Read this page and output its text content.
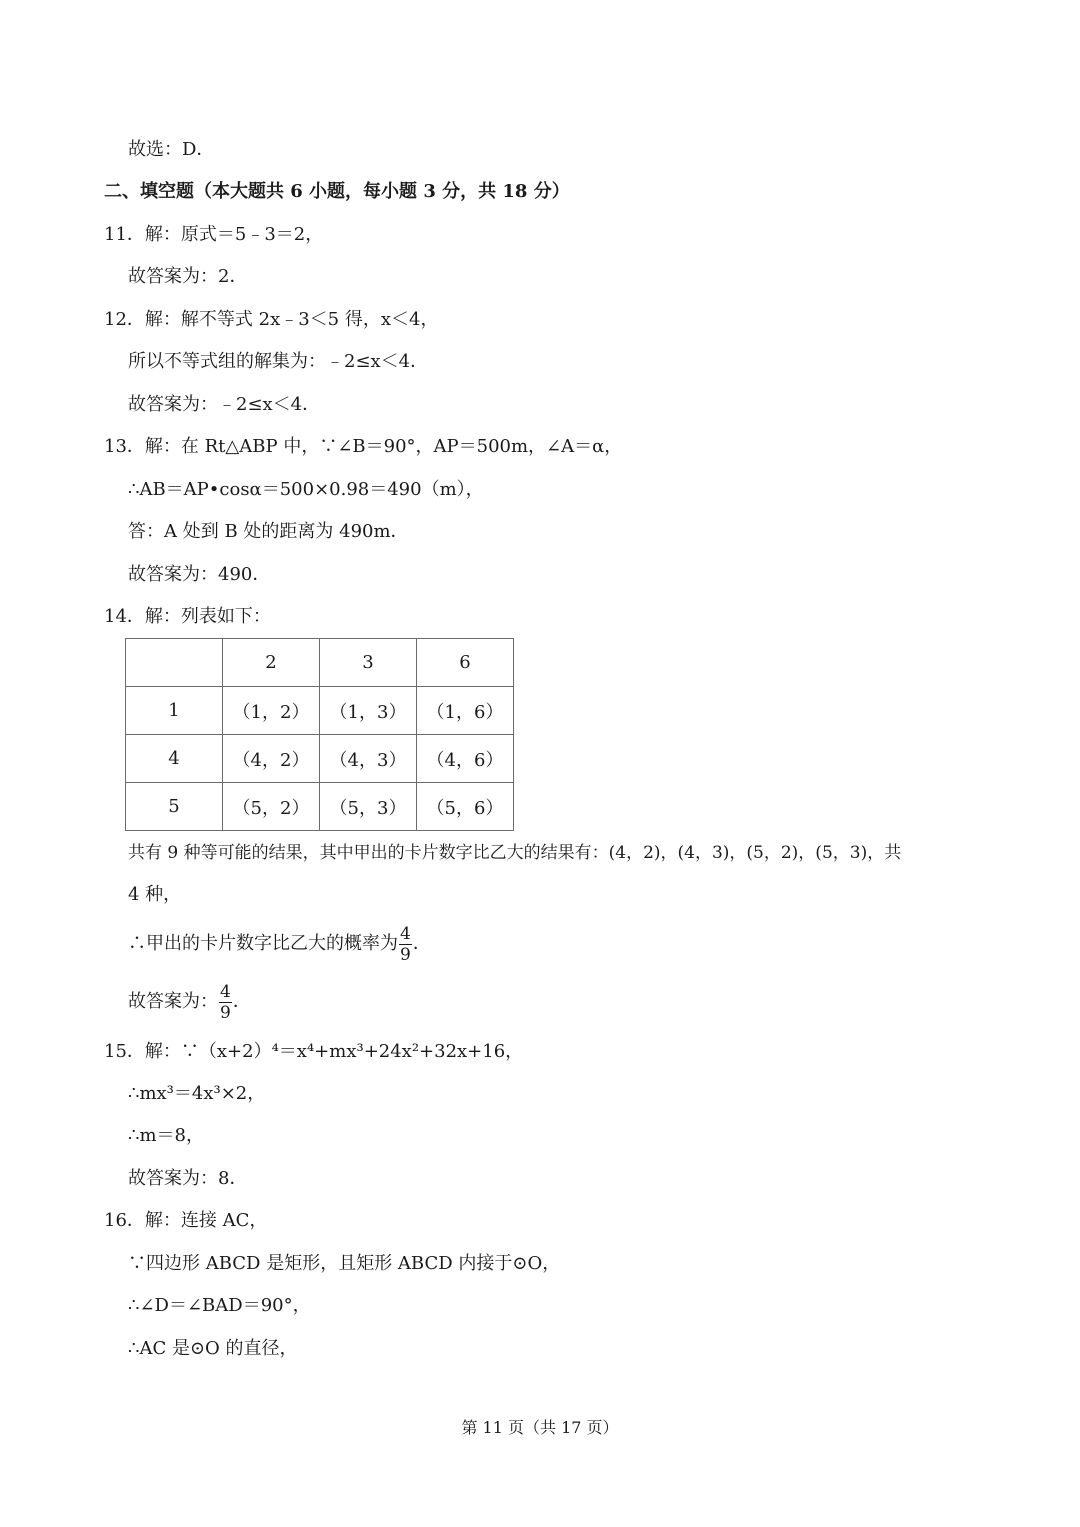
故选：D．
二、填空题（本大题共 6 小题，每小题 3 分，共 18 分）
11．解：原式＝5﹣3＝2，
故答案为：2．
12．解：解不等式 2x﹣3＜5 得，x＜4，
所以不等式组的解集为：﹣2≤x＜4．
故答案为：﹣2≤x＜4．
13．解：在 Rt△ABP 中，∵∠B＝90°，AP＝500m，∠A＝α，
∴AB＝AP•cosα＝500×0.98＝490（m），
答：A 处到 B 处的距离为 490m．
故答案为：490．
14．解：列表如下：
	2	3	6
1	（1，2）	（1，3）	（1，6）
4	（4，2）	（4，3）	（4，6）
5	（5，2）	（5，3）	（5，6）
共有 9 种等可能的结果，其中甲出的卡片数字比乙大的结果有：(4，2)，(4，3)，(5，2)，(5，3)，共
4 种，
∴甲出的卡片数字比乙大的概率为 $\frac{4}{9}$ ．
故答案为： $\frac{4}{9}$ ．
15．解：∵（x+2）⁴＝x⁴+mx³+24x²+32x+16，
∴mx³＝4x³×2，
∴m＝8，
故答案为：8．
16．解：连接 AC，
∵四边形 ABCD 是矩形，且矩形 ABCD 内接于⊙O，
∴∠D＝∠BAD＝90°，
∴AC 是⊙O 的直径，
第 11 页（共 17 页）
